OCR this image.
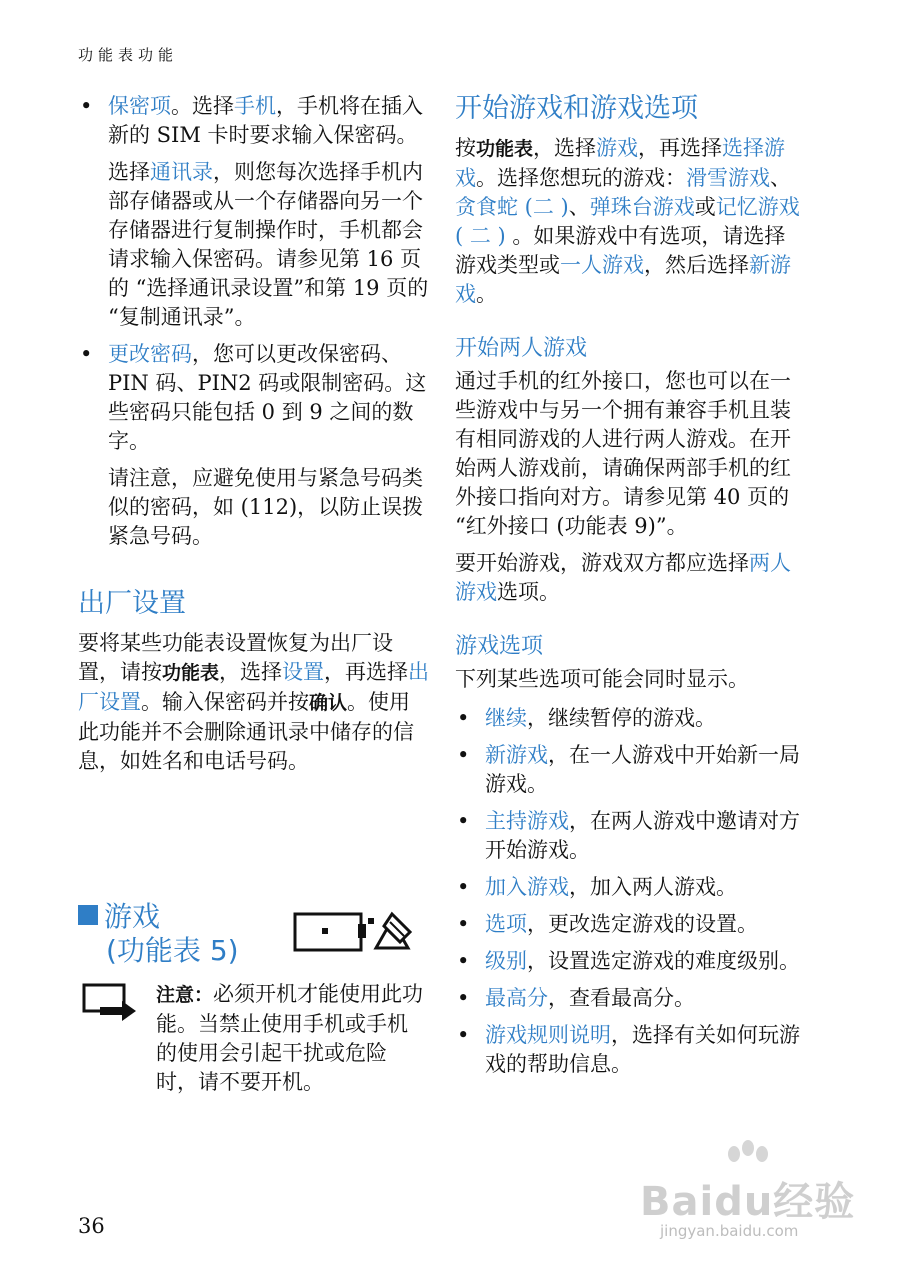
功能表功能
• 保密项。选择手机，手机将在插入新的 SIM 卡时要求输入保密码。

选择通讯录，则您每次选择手机内部存储器或从一个存储器向另一个存储器进行复制操作时，手机都会请求输入保密码。请参见第 16 页的 “选择通讯录设置”和第 19 页的 “复制通讯录”。

• 更改密码，您可以更改保密码、PIN 码、PIN2 码或限制密码。这些密码只能包括 0 到 9 之间的数字。

请注意，应避免使用与紧急号码类似的密码，如 (112)，以防止误拨紧急号码。

出厂设置

要将某些功能表设置恢复为出厂设置，请按功能表，选择设置，再选择出厂设置。输入保密码并按确认。使用此功能并不会删除通讯录中储存的信息，如姓名和电话号码。

游戏
(功能表 5)

注意：必须开机才能使用此功能。当禁止使用手机或手机的使用会引起干扰或危险时，请不要开机。

开始游戏和游戏选项

按功能表，选择游戏，再选择选择游戏。选择您想玩的游戏：滑雪游戏、贪食蛇 (二 )、弹珠台游戏或记忆游戏 ( 二 ) 。如果游戏中有选项，请选择游戏类型或一人游戏，然后选择新游戏。

开始两人游戏

通过手机的红外接口，您也可以在一些游戏中与另一个拥有兼容手机且装有相同游戏的人进行两人游戏。在开始两人游戏前，请确保两部手机的红外接口指向对方。请参见第 40 页的 “红外接口 (功能表 9)”。

要开始游戏，游戏双方都应选择两人游戏选项。

游戏选项

下列某些选项可能会同时显示。

• 继续，继续暂停的游戏。
• 新游戏，在一人游戏中开始新一局游戏。
• 主持游戏，在两人游戏中邀请对方开始游戏。
• 加入游戏，加入两人游戏。
• 选项，更改选定游戏的设置。
• 级别，设置选定游戏的难度级别。
• 最高分，查看最高分。
• 游戏规则说明，选择有关如何玩游戏的帮助信息。
36
Baidu经验
jingyan.baidu.com
